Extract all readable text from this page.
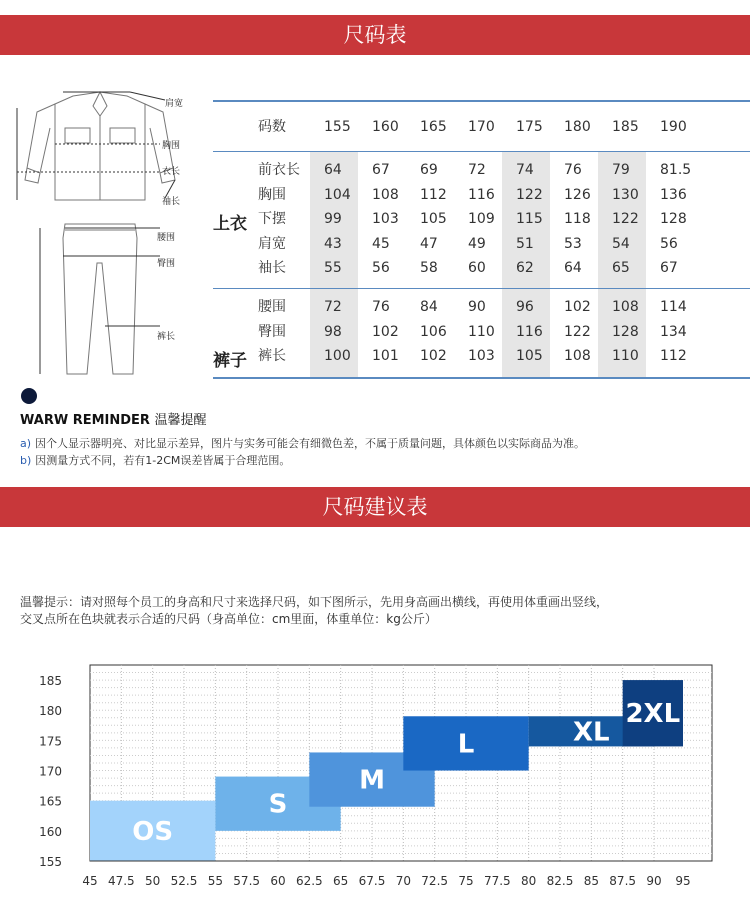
尺码表
肩宽
胸围
衣长
袖长
腰围
臀围
裤长
码数	155 160 165 170 175 180 185 190
上衣
前衣长 64 67 69 72 74 76 79 81.5
胸围	104 108 112 116 122 126 130 136
下摆	99 103 105 109 115 118 122 128
肩宽	43 45 47 49 51 53 54 56
袖长	55 56 58 60 62 64 65 67
裤子
腰围	72 76 84 90 96 102 108 114
臀围	98 102 106 110 116 122 128 134
裤长	100 101 102 103 105 108 110 112
WARW REMINDER 温馨提醒
a) 因个人显示器明亮、对比显示差异，图片与实务可能会有细微色差，不属于质量问题，具体颜色以实际商品为准。
b) 因测量方式不同，若有1-2CM误差皆属于合理范围。
尺码建议表
温馨提示：请对照每个员工的身高和尺寸来选择尺码，如下图所示，先用身高画出横线，再使用体重画出竖线，
交叉点所在色块就表示合适的尺码（身高单位：cm里面，体重单位：kg公斤）
OS
S
M
L	XL
2XL
185
180
175
170
165
160
155
45 47.5 50 52.5 55 57.5 60 62.5 65 67.5 70 72.5 75 77.5 80 82.5 85 87.5 90 95
